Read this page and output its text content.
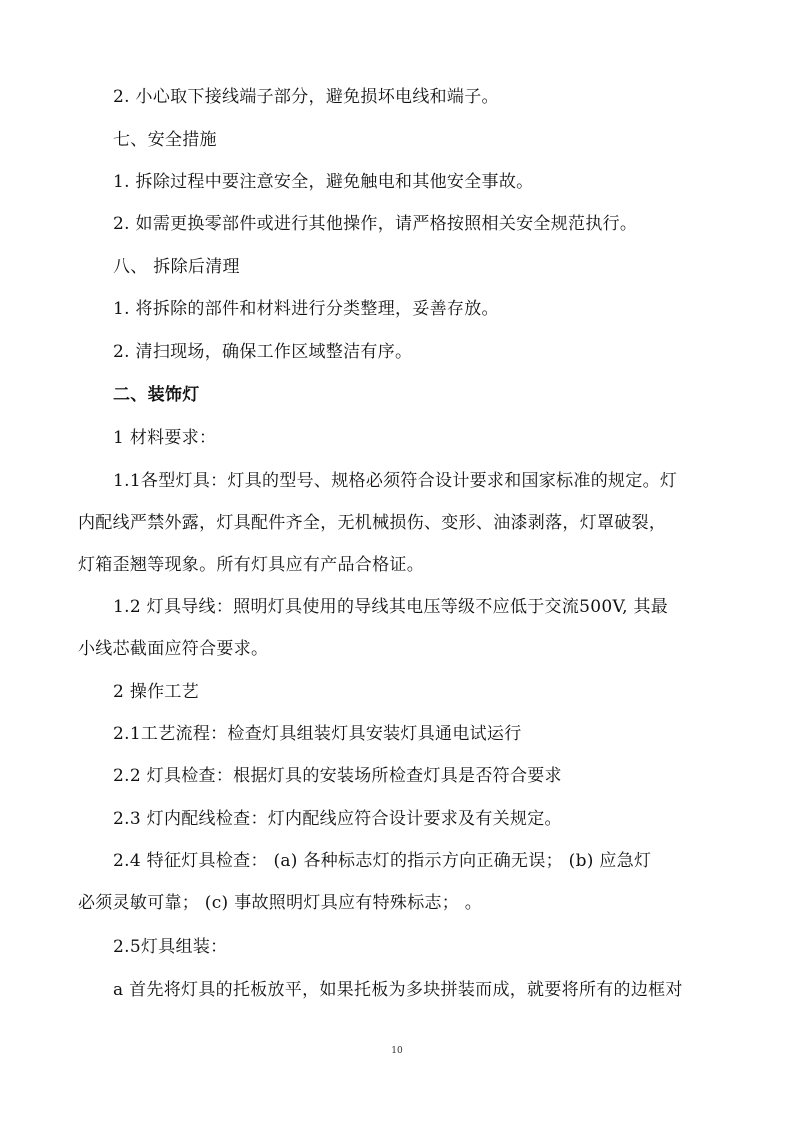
2. 小心取下接线端子部分，避免损坏电线和端子。
七、安全措施
1. 拆除过程中要注意安全，避免触电和其他安全事故。
2. 如需更换零部件或进行其他操作，请严格按照相关安全规范执行。
八、 拆除后清理
1. 将拆除的部件和材料进行分类整理，妥善存放。
2. 清扫现场，确保工作区域整洁有序。
二、装饰灯
1 材料要求：
1.1各型灯具：灯具的型号、规格必须符合设计要求和国家标准的规定。灯
内配线严禁外露，灯具配件齐全，无机械损伤、变形、油漆剥落，灯罩破裂，
灯箱歪翘等现象。所有灯具应有产品合格证。
1.2 灯具导线：照明灯具使用的导线其电压等级不应低于交流500V, 其最
小线芯截面应符合要求。
2 操作工艺
2.1工艺流程：检查灯具组装灯具安装灯具通电试运行
2.2 灯具检查：根据灯具的安装场所检查灯具是否符合要求
2.3 灯内配线检查：灯内配线应符合设计要求及有关规定。
2.4 特征灯具检查： (a) 各种标志灯的指示方向正确无误； (b) 应急灯
必须灵敏可靠； (c) 事故照明灯具应有特殊标志； 。
2.5灯具组装：
a 首先将灯具的托板放平，如果托板为多块拼装而成，就要将所有的边框对
10
